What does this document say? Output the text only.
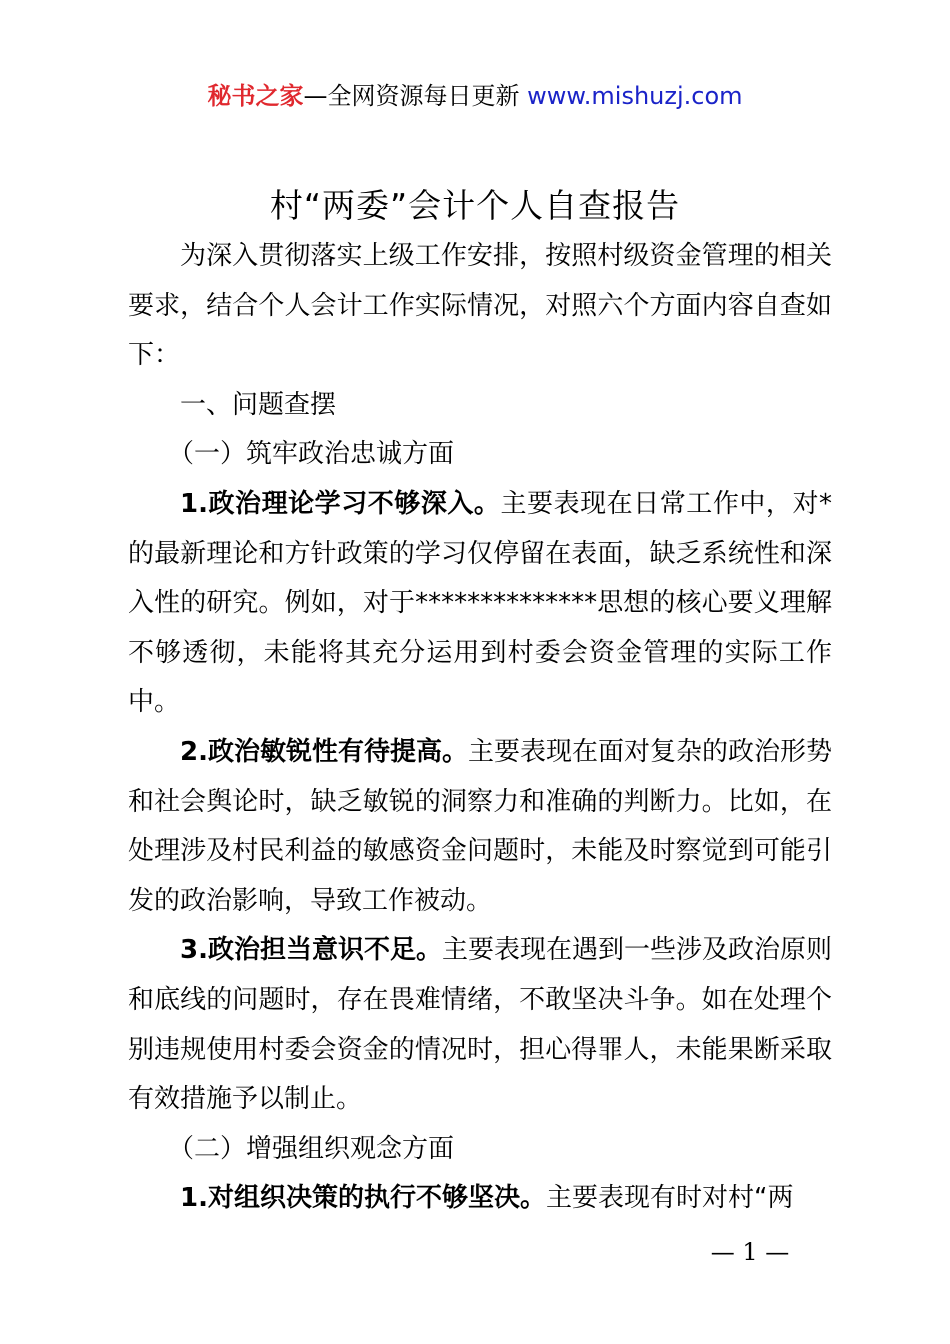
秘书之家—全网资源每日更新 www.mishuzj.com
村“两委”会计个人自查报告

为深入贯彻落实上级工作安排，按照村级资金管理的相关要求，结合个人会计工作实际情况，对照六个方面内容自查如下：

一、问题查摆

（一）筑牢政治忠诚方面

1.政治理论学习不够深入。主要表现在日常工作中，对*的最新理论和方针政策的学习仅停留在表面，缺乏系统性和深入性的研究。例如，对于**************思想的核心要义理解不够透彻，未能将其充分运用到村委会资金管理的实际工作中。

2.政治敏锐性有待提高。主要表现在面对复杂的政治形势和社会舆论时，缺乏敏锐的洞察力和准确的判断力。比如，在处理涉及村民利益的敏感资金问题时，未能及时察觉到可能引发的政治影响，导致工作被动。

3.政治担当意识不足。主要表现在遇到一些涉及政治原则和底线的问题时，存在畏难情绪，不敢坚决斗争。如在处理个别违规使用村委会资金的情况时，担心得罪人，未能果断采取有效措施予以制止。

（二）增强组织观念方面

1.对组织决策的执行不够坚决。主要表现有时对村“两

— 1 —
